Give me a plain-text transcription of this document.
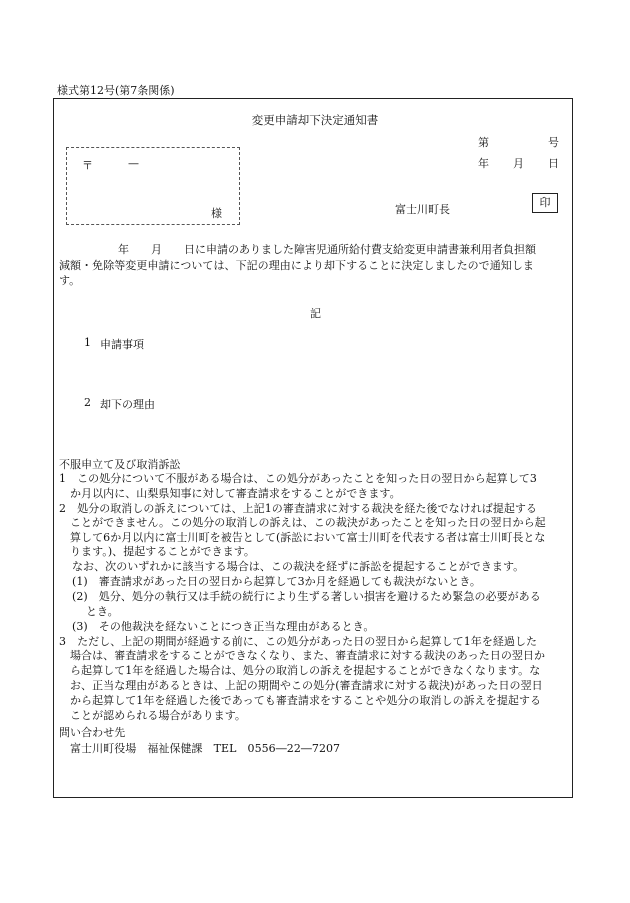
様式第12号(第7条関係)
変更申請却下決定通知書
第	号
年 月 日
〒	—
様	富士川町長
印
年　　月　　日に申請のありました障害児通所給付費支給変更申請書兼利用者負担額
減額・免除等変更申請については、下記の理由により却下することに決定しましたので通知しま
す。
記
1 申請事項
2 却下の理由
不服申立て及び取消訴訟
1　この処分について不服がある場合は、この処分があったことを知った日の翌日から起算して3
か月以内に、山梨県知事に対して審査請求をすることができます。
2　処分の取消しの訴えについては、上記1の審査請求に対する裁決を経た後でなければ提起する
ことができません。この処分の取消しの訴えは、この裁決があったことを知った日の翌日から起
算して6か月以内に富士川町を被告として(訴訟において富士川町を代表する者は富士川町長とな
ります。)、提起することができます。
なお、次のいずれかに該当する場合は、この裁決を経ずに訴訟を提起することができます。
(1)　審査請求があった日の翌日から起算して3か月を経過しても裁決がないとき。
(2)　処分、処分の執行又は手続の続行により生ずる著しい損害を避けるため緊急の必要がある
とき。
(3)　その他裁決を経ないことにつき正当な理由があるとき。
3　ただし、上記の期間が経過する前に、この処分があった日の翌日から起算して1年を経過した
場合は、審査請求をすることができなくなり、また、審査請求に対する裁決のあった日の翌日か
ら起算して1年を経過した場合は、処分の取消しの訴えを提起することができなくなります。な
お、正当な理由があるときは、上記の期間やこの処分(審査請求に対する裁決)があった日の翌日
から起算して1年を経過した後であっても審査請求をすることや処分の取消しの訴えを提起する
ことが認められる場合があります。
問い合わせ先
富士川町役場　福祉保健課　TEL　0556―22―7207
